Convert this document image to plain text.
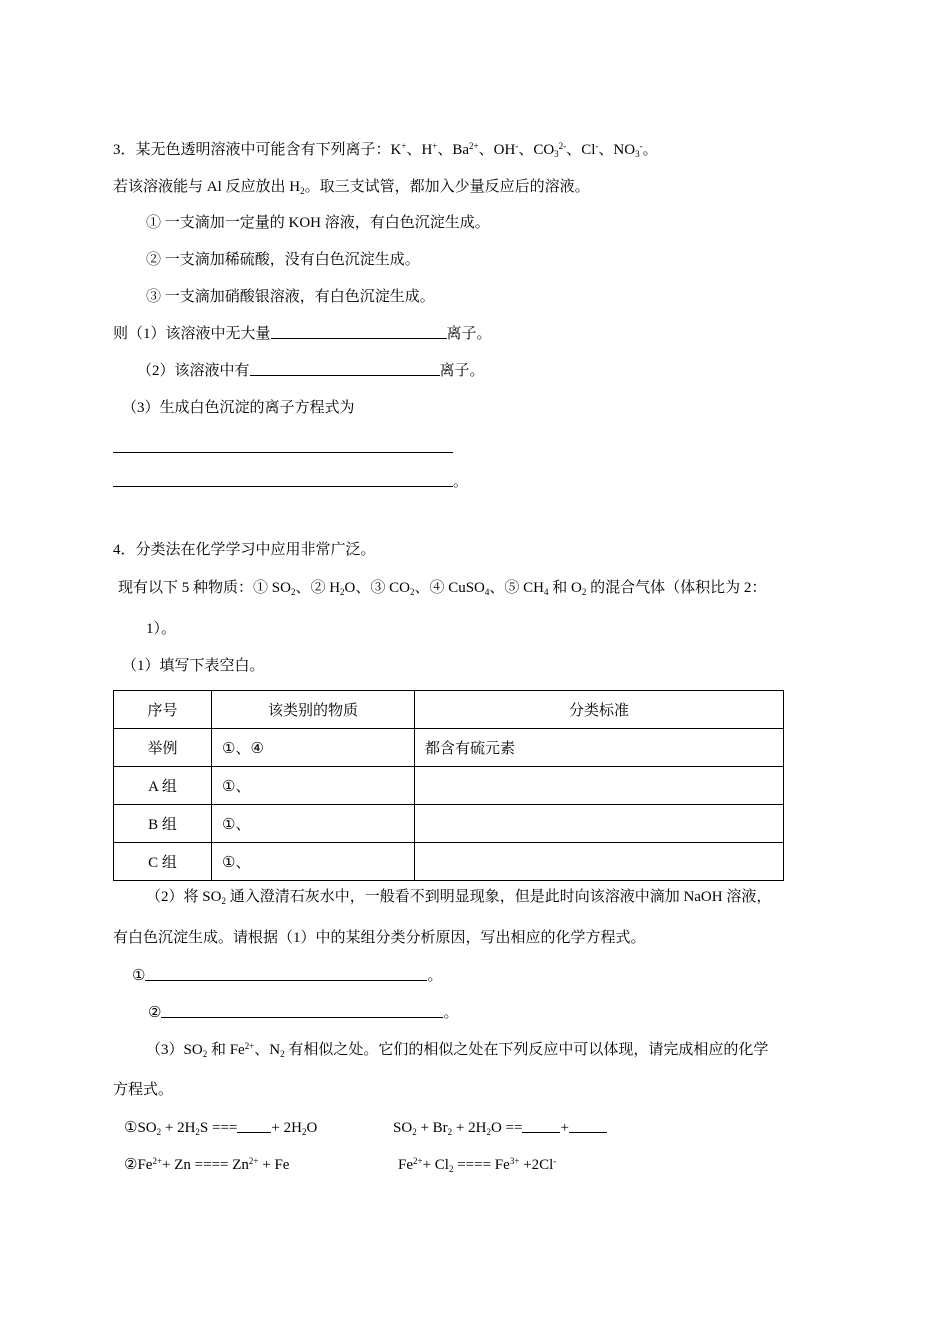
3．某无色透明溶液中可能含有下列离子：K+、H+、$Ba^{2+}$、OH-、$CO_3^{2-}$、Cl-、$NO_3^-$。
若该溶液能与 Al 反应放出 $H_2$。取三支试管，都加入少量反应后的溶液。
① 一支滴加一定量的 KOH 溶液，有白色沉淀生成。
② 一支滴加稀硫酸，没有白色沉淀生成。
③ 一支滴加硝酸银溶液，有白色沉淀生成。
则（1）该溶液中无大量	离子。
（2）该溶液中有	离子。
（3）生成白色沉淀的离子方程式为
。
4．分类法在化学学习中应用非常广泛。
现有以下 5 种物质：① $SO_2$、② $H_2O$、③ $CO_2$、④ CuSO$_4$、⑤ $CH_4$ 和 $O_2$ 的混合气体（体积比为 2：
1）。
（1）填写下表空白。
序号	该类别的物质	分类标准
举例	①、④	都含有硫元素
A 组	①、	
B 组	①、	
C 组	①、	
（2）将 $SO_2$ 通入澄清石灰水中，一般看不到明显现象，但是此时向该溶液中滴加 NaOH 溶液，
有白色沉淀生成。请根据（1）中的某组分类分析原因，写出相应的化学方程式。
①	。
②	。
$(3)SO_2$ 和 $Fe^{2+}$、$N_2$ 有相似之处。它们的相似之处在下列反应中可以体现，请完成相应的化学
方程式。
$①SO_2 + 2H_2S$ === + $2H_2O$	$SO_2 + Br_2 + 2H_2O$ ==	+
$②Fe^{2+}+ Zn$ ==== $Zn^{2+} + Fe$	$Fe^{2+}+ Cl_2$ ==== $Fe^{3+} +2Cl^-$
